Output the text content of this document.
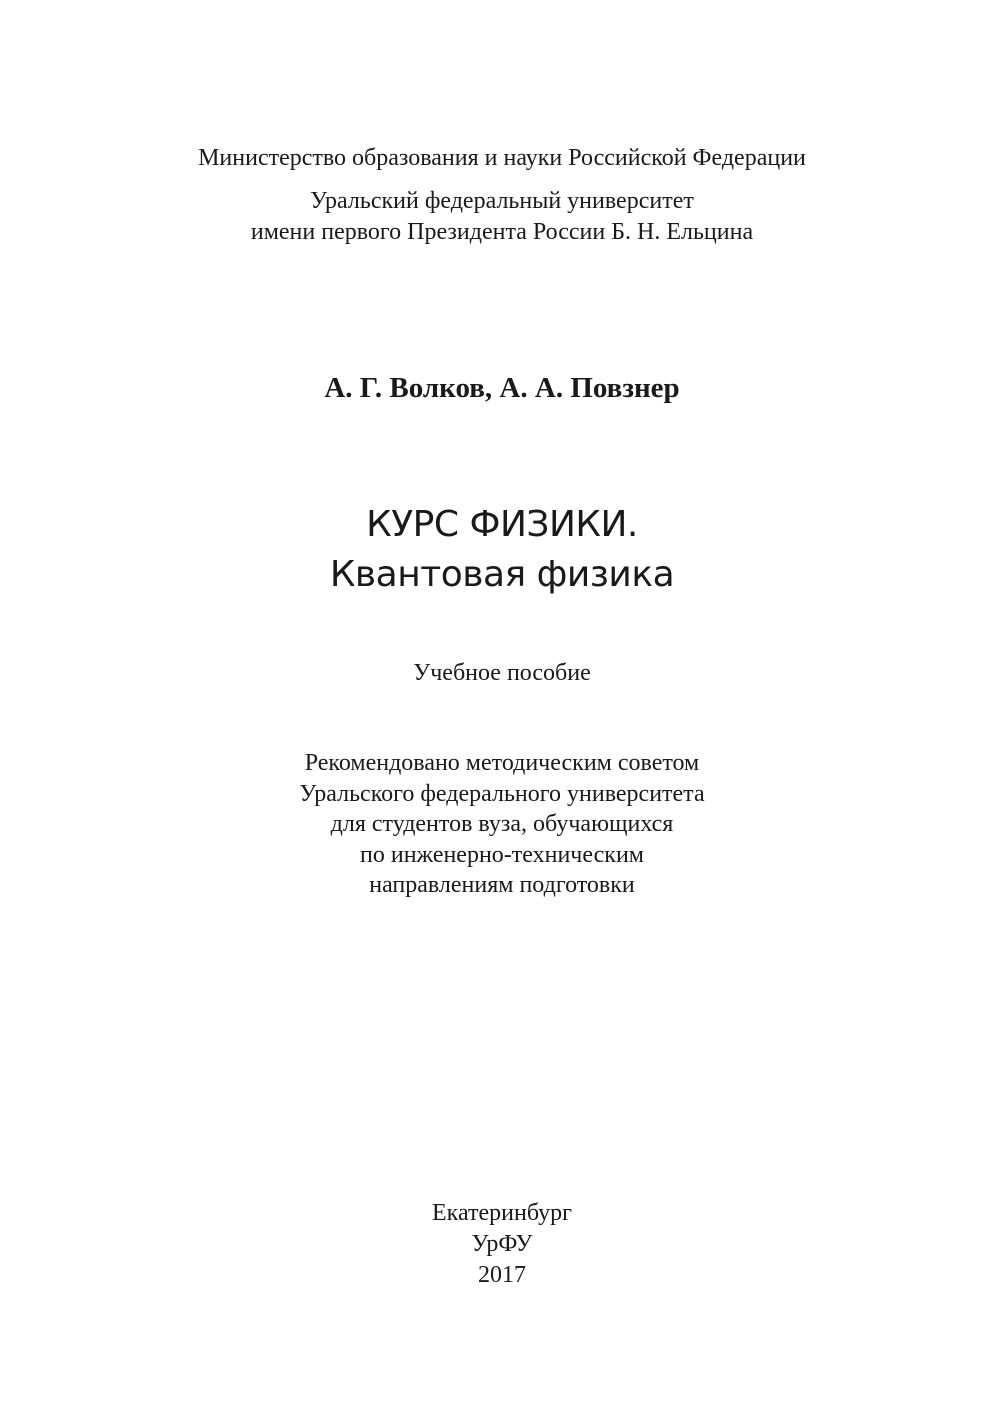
Министерство образования и науки Российской Федерации
Уральский федеральный университет
имени первого Президента России Б. Н. Ельцина
А. Г. Волков, А. А. Повзнер
КУРС ФИЗИКИ.
Квантовая физика
Учебное пособие
Рекомендовано методическим советом
Уральского федерального университета
для студентов вуза, обучающихся
по инженерно-техническим
направлениям подготовки
Екатеринбург
УрФУ
2017
